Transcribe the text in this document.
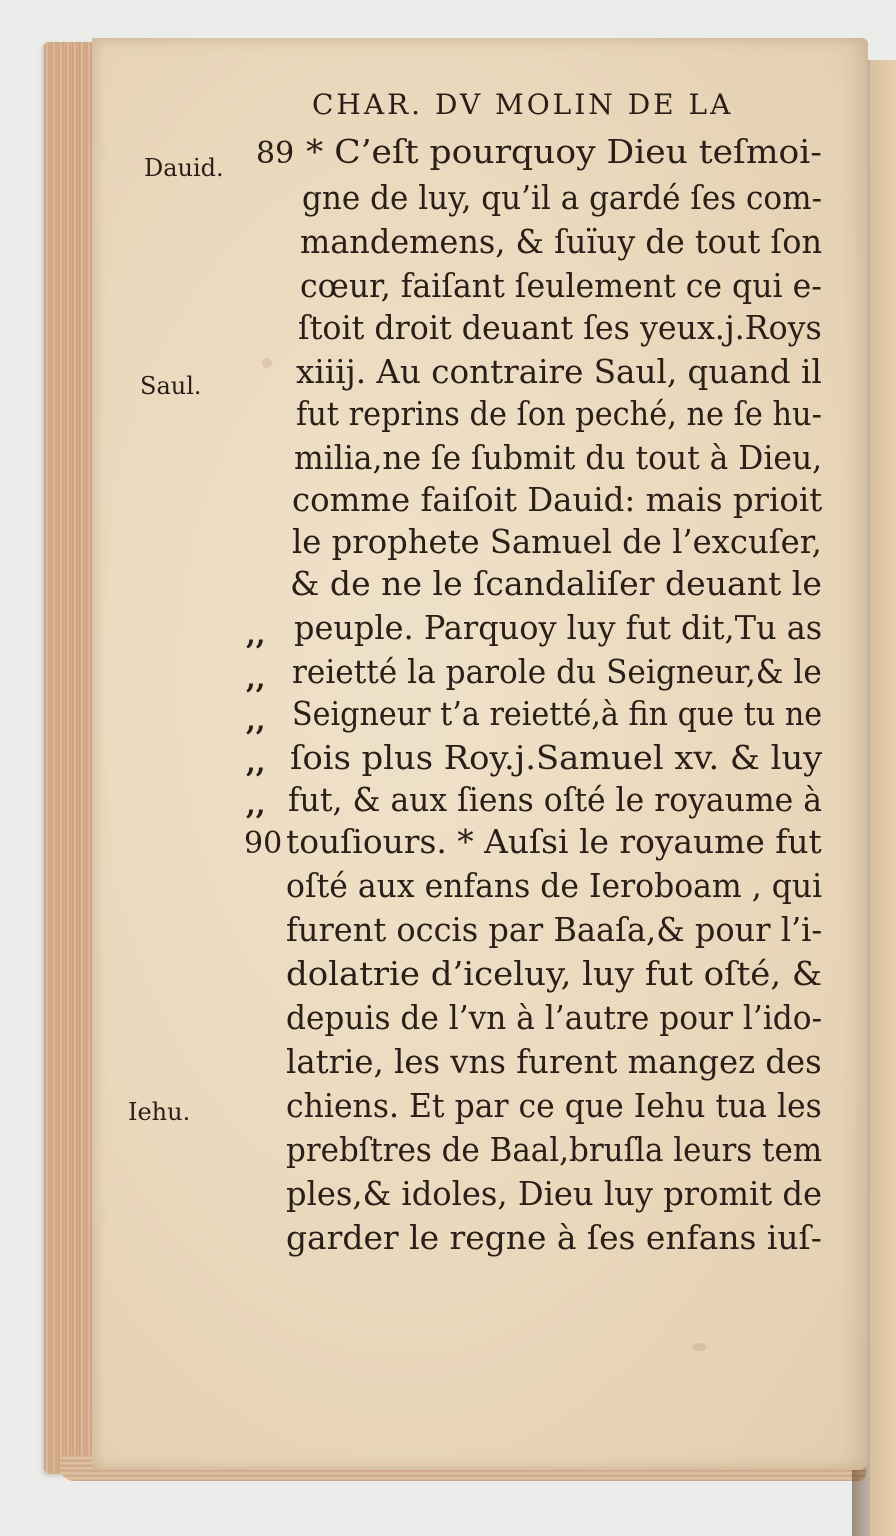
CHAR. DV MOLIN DE LA
Dauid.
Saul.
Iehu.
89
90
,,
,,
,,
,,
,,
* C’eſt pourquoy Dieu teſmoi-
gne de luy, qu’il a gardé ſes com-
mandemens, & ſuïuy de tout ſon
cœur, faiſant ſeulement ce qui e-
ſtoit droit deuant ſes yeux.j.Roys
xiiij. Au contraire Saul, quand il
fut reprins de ſon peché, ne ſe hu-
milia,ne ſe ſubmit du tout à Dieu,
comme faiſoit Dauid: mais prioit
le prophete Samuel de l’excuſer,
& de ne le ſcandaliſer deuant le
peuple. Parquoy luy fut dit,Tu as
reietté la parole du Seigneur,& le
Seigneur t’a reietté,à fin que tu ne
ſois plus Roy.j.Samuel xv. & luy
fut, & aux ſiens oſté le royaume à
touſiours. * Auſsi le royaume fut
oſté aux enfans de Ieroboam , qui
furent occis par Baaſa,& pour l’i-
dolatrie d’iceluy, luy fut oſté, &
depuis de l’vn à l’autre pour l’ido-
latrie, les vns furent mangez des
chiens. Et par ce que Iehu tua les
prebſtres de Baal,bruſla leurs tem
ples,& idoles, Dieu luy promit de
garder le regne à ſes enfans iuſ-
